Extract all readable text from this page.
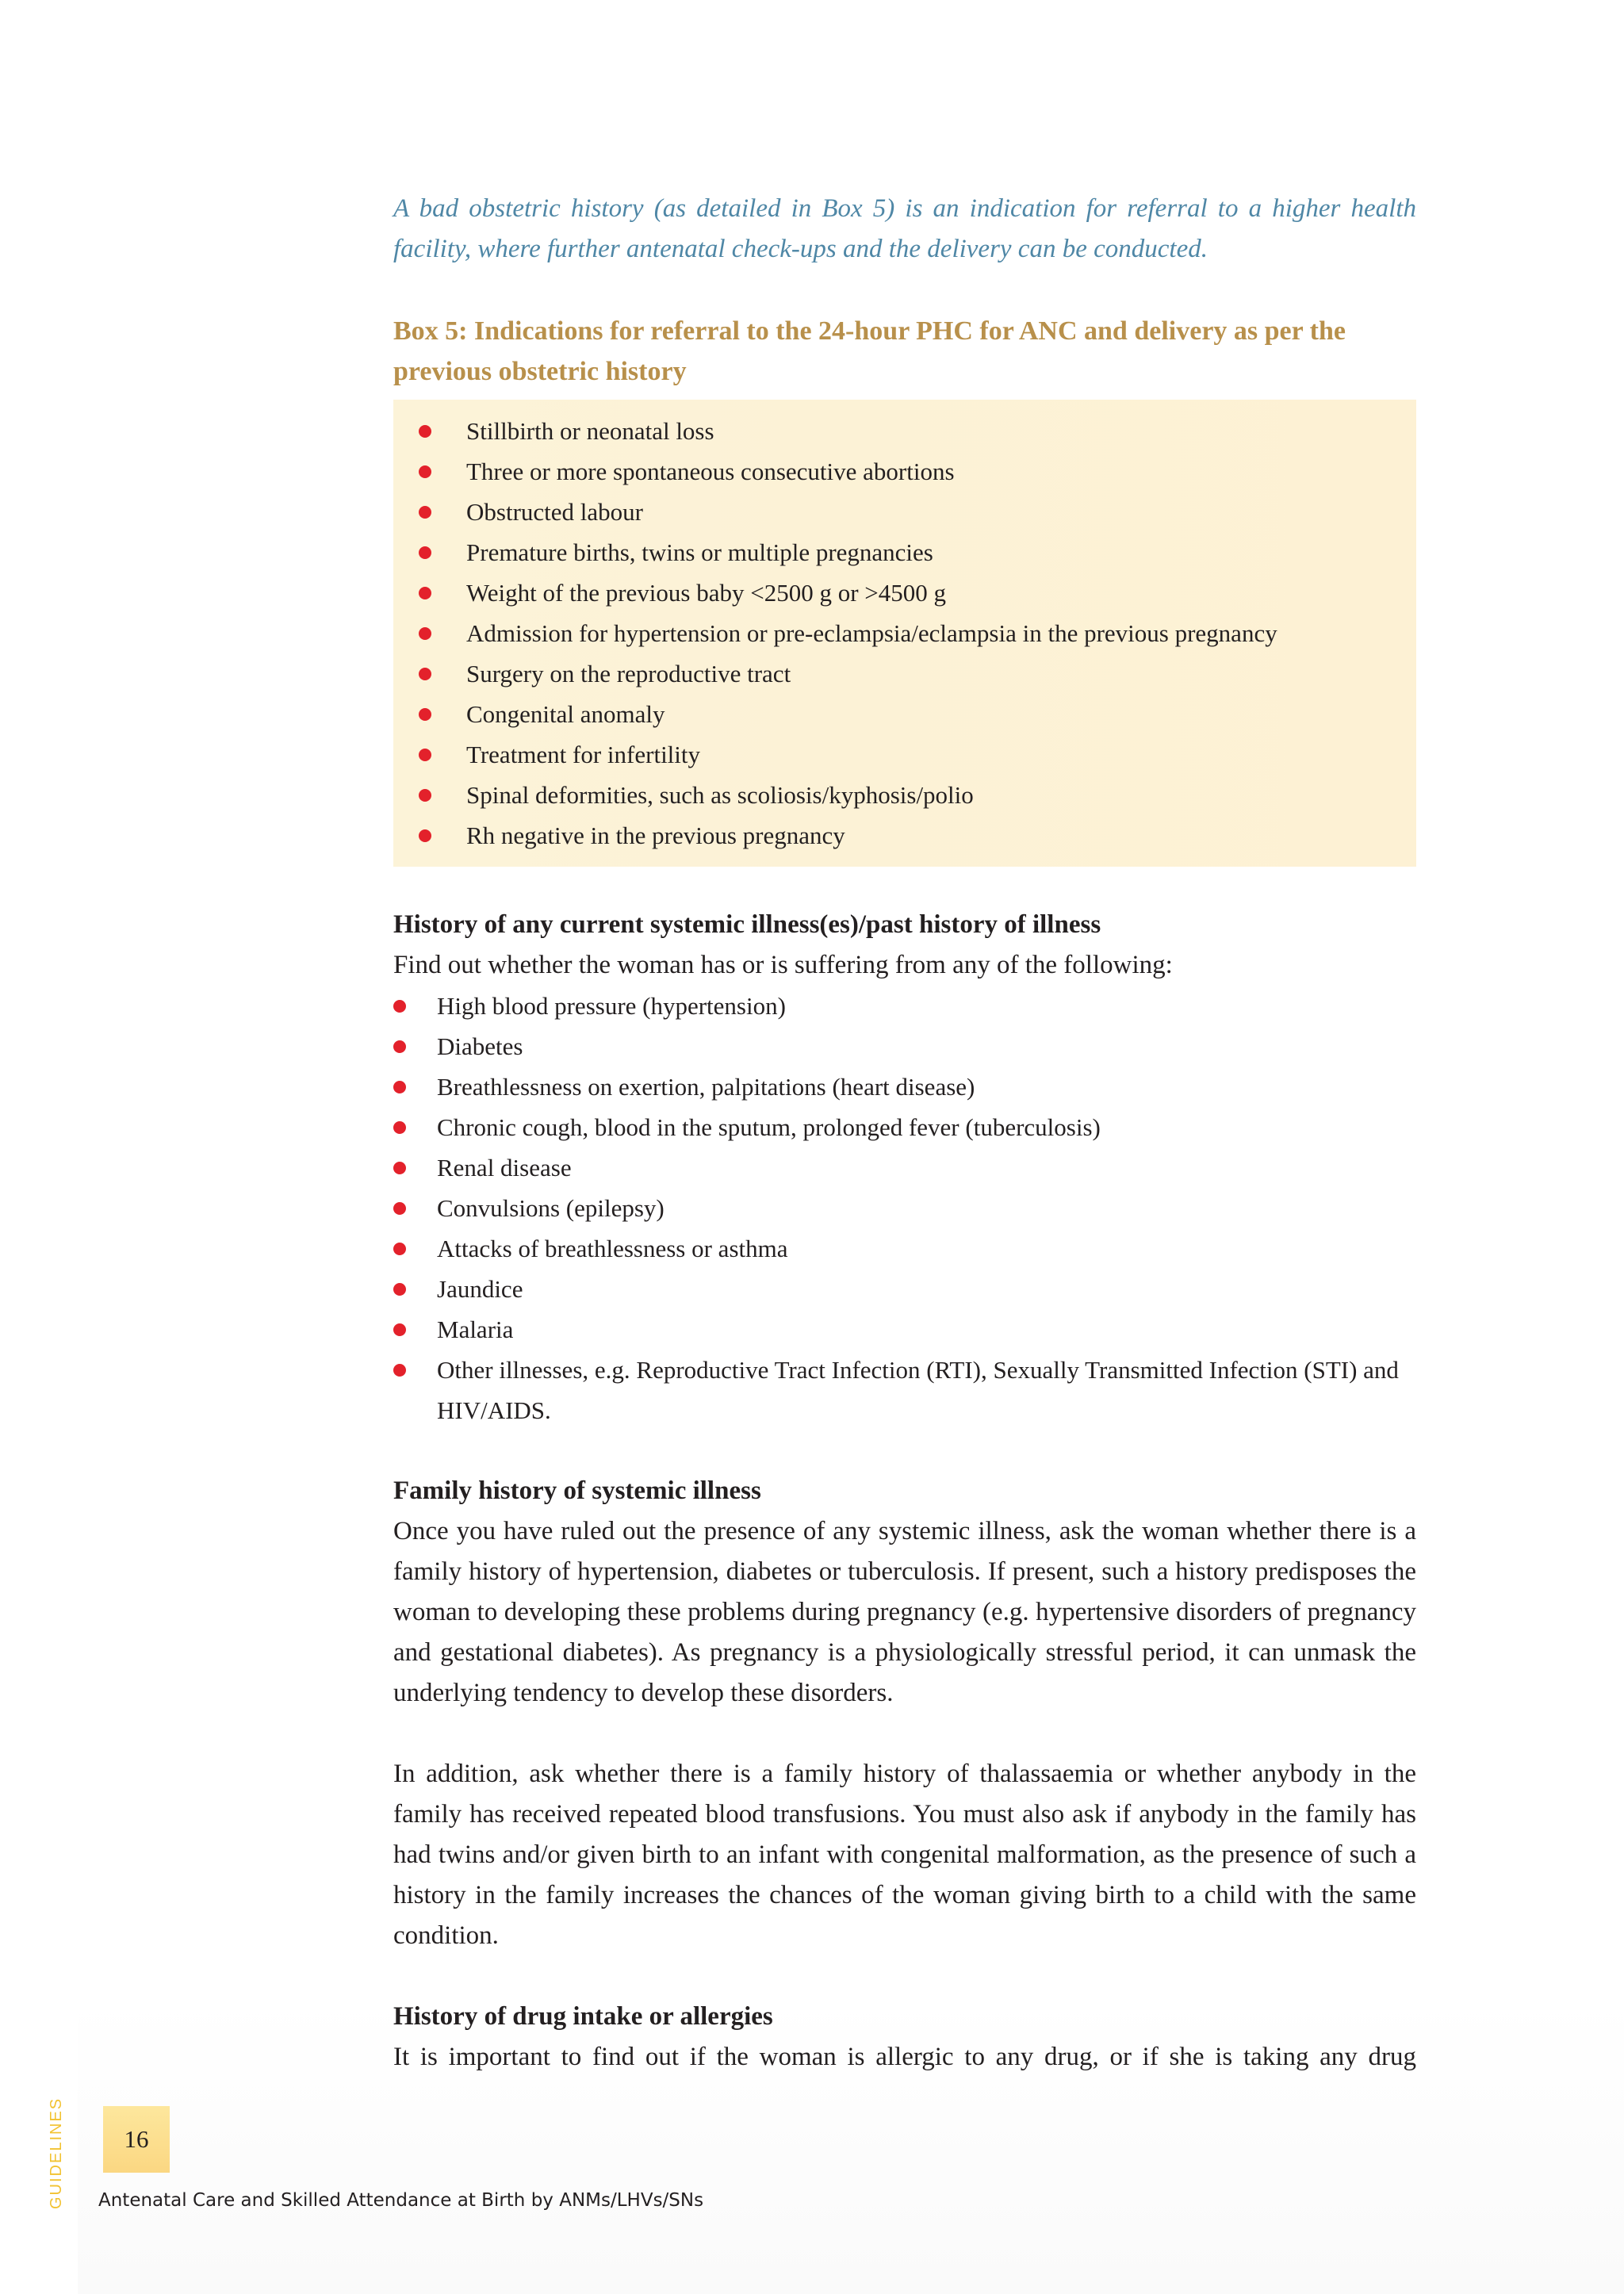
A bad obstetric history (as detailed in Box 5) is an indication for referral to a higher health facility, where further antenatal check-ups and the delivery can be conducted.

Box 5: Indications for referral to the 24-hour PHC for ANC and delivery as per the previous obstetric history
Stillbirth or neonatal loss
Three or more spontaneous consecutive abortions
Obstructed labour
Premature births, twins or multiple pregnancies
Weight of the previous baby <2500 g or >4500 g
Admission for hypertension or pre-eclampsia/eclampsia in the previous pregnancy
Surgery on the reproductive tract
Congenital anomaly
Treatment for infertility
Spinal deformities, such as scoliosis/kyphosis/polio
Rh negative in the previous pregnancy

History of any current systemic illness(es)/past history of illness

Find out whether the woman has or is suffering from any of the following:

High blood pressure (hypertension)
Diabetes
Breathlessness on exertion, palpitations (heart disease)
Chronic cough, blood in the sputum, prolonged fever (tuberculosis)
Renal disease
Convulsions (epilepsy)
Attacks of breathlessness or asthma
Jaundice
Malaria
Other illnesses, e.g. Reproductive Tract Infection (RTI), Sexually Transmitted Infection (STI) and HIV/AIDS.

Family history of systemic illness

Once you have ruled out the presence of any systemic illness, ask the woman whether there is a family history of hypertension, diabetes or tuberculosis. If present, such a history predisposes the woman to developing these problems during pregnancy (e.g. hypertensive disorders of pregnancy and gestational diabetes). As pregnancy is a physiologically stressful period, it can unmask the underlying tendency to develop these disorders.

In addition, ask whether there is a family history of thalassaemia or whether anybody in the family has received repeated blood transfusions. You must also ask if anybody in the family has had twins and/or given birth to an infant with congenital malformation, as the presence of such a history in the family increases the chances of the woman giving birth to a child with the same condition.

History of drug intake or allergies

It is important to find out if the woman is allergic to any drug, or if she is taking any drug

16
GUIDELINES Antenatal Care and Skilled Attendance at Birth by ANMs/LHVs/SNs
